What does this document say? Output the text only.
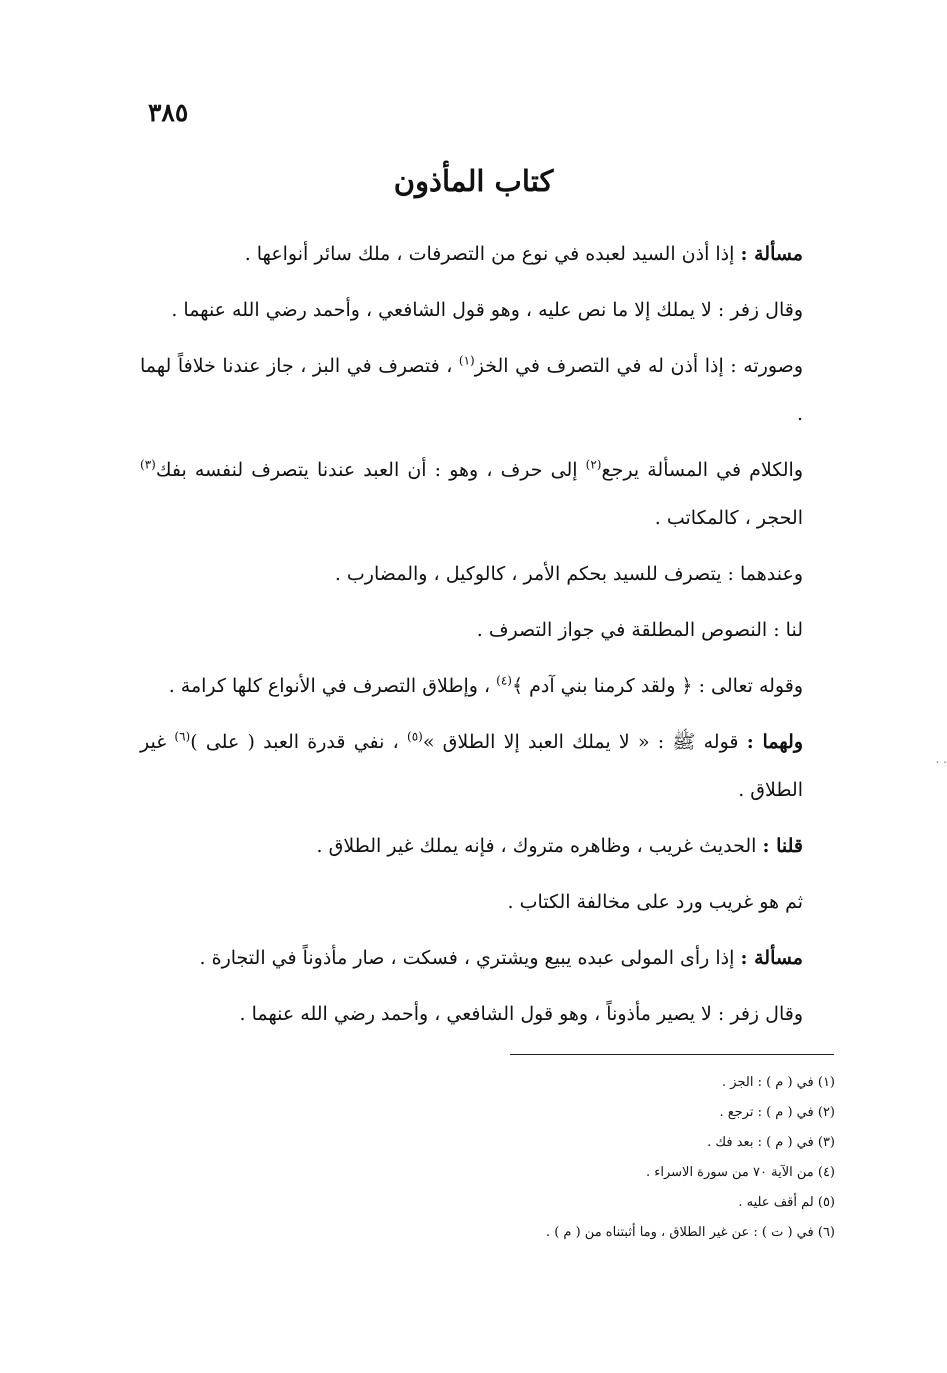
٣٨٥
كتاب المأذون

مسألة : إذا أذن السيد لعبده في نوع من التصرفات ، ملك سائر أنواعها .

وقال زفر : لا يملك إلا ما نص عليه ، وهو قول الشافعي ، وأحمد رضي الله عنهما .

وصورته : إذا أذن له في التصرف في الخز$^{(١)}$ ، فتصرف في البز ، جاز عندنا خلافاً لهما .

والكلام في المسألة يرجع$^{(٢)}$ إلى حرف ، وهو : أن العبد عندنا يتصرف لنفسه بفك$^{(٣)}$ الحجر ، كالمكاتب .

وعندهما : يتصرف للسيد بحكم الأمر ، كالوكيل ، والمضارب .

لنا : النصوص المطلقة في جواز التصرف .

وقوله تعالى : ﴿ ولقد كرمنا بني آدم ﴾$^{(٤)}$ ، وإطلاق التصرف في الأنواع كلها كرامة .

ولهما : قوله ﷺ : « لا يملك العبد إلا الطلاق »$^{(٥)}$ ، نفي قدرة العبد ( على )$^{(٦)}$ غير الطلاق .

قلنا : الحديث غريب ، وظاهره متروك ، فإنه يملك غير الطلاق .

ثم هو غريب ورد على مخالفة الكتاب .

مسألة : إذا رأى المولى عبده يبيع ويشتري ، فسكت ، صار مأذوناً في التجارة .

وقال زفر : لا يصير مأذوناً ، وهو قول الشافعي ، وأحمد رضي الله عنهما .

. .

(١) في ( م ) : الجز .

(٢) في ( م ) : ترجع .

(٣) في ( م ) : بعد فك .

(٤) من الآية ٧٠ من سورة الاسراء .

(٥) لم أقف عليه .

(٦) في ( ت ) : عن غير الطلاق ، وما أثبتناه من ( م ) .
